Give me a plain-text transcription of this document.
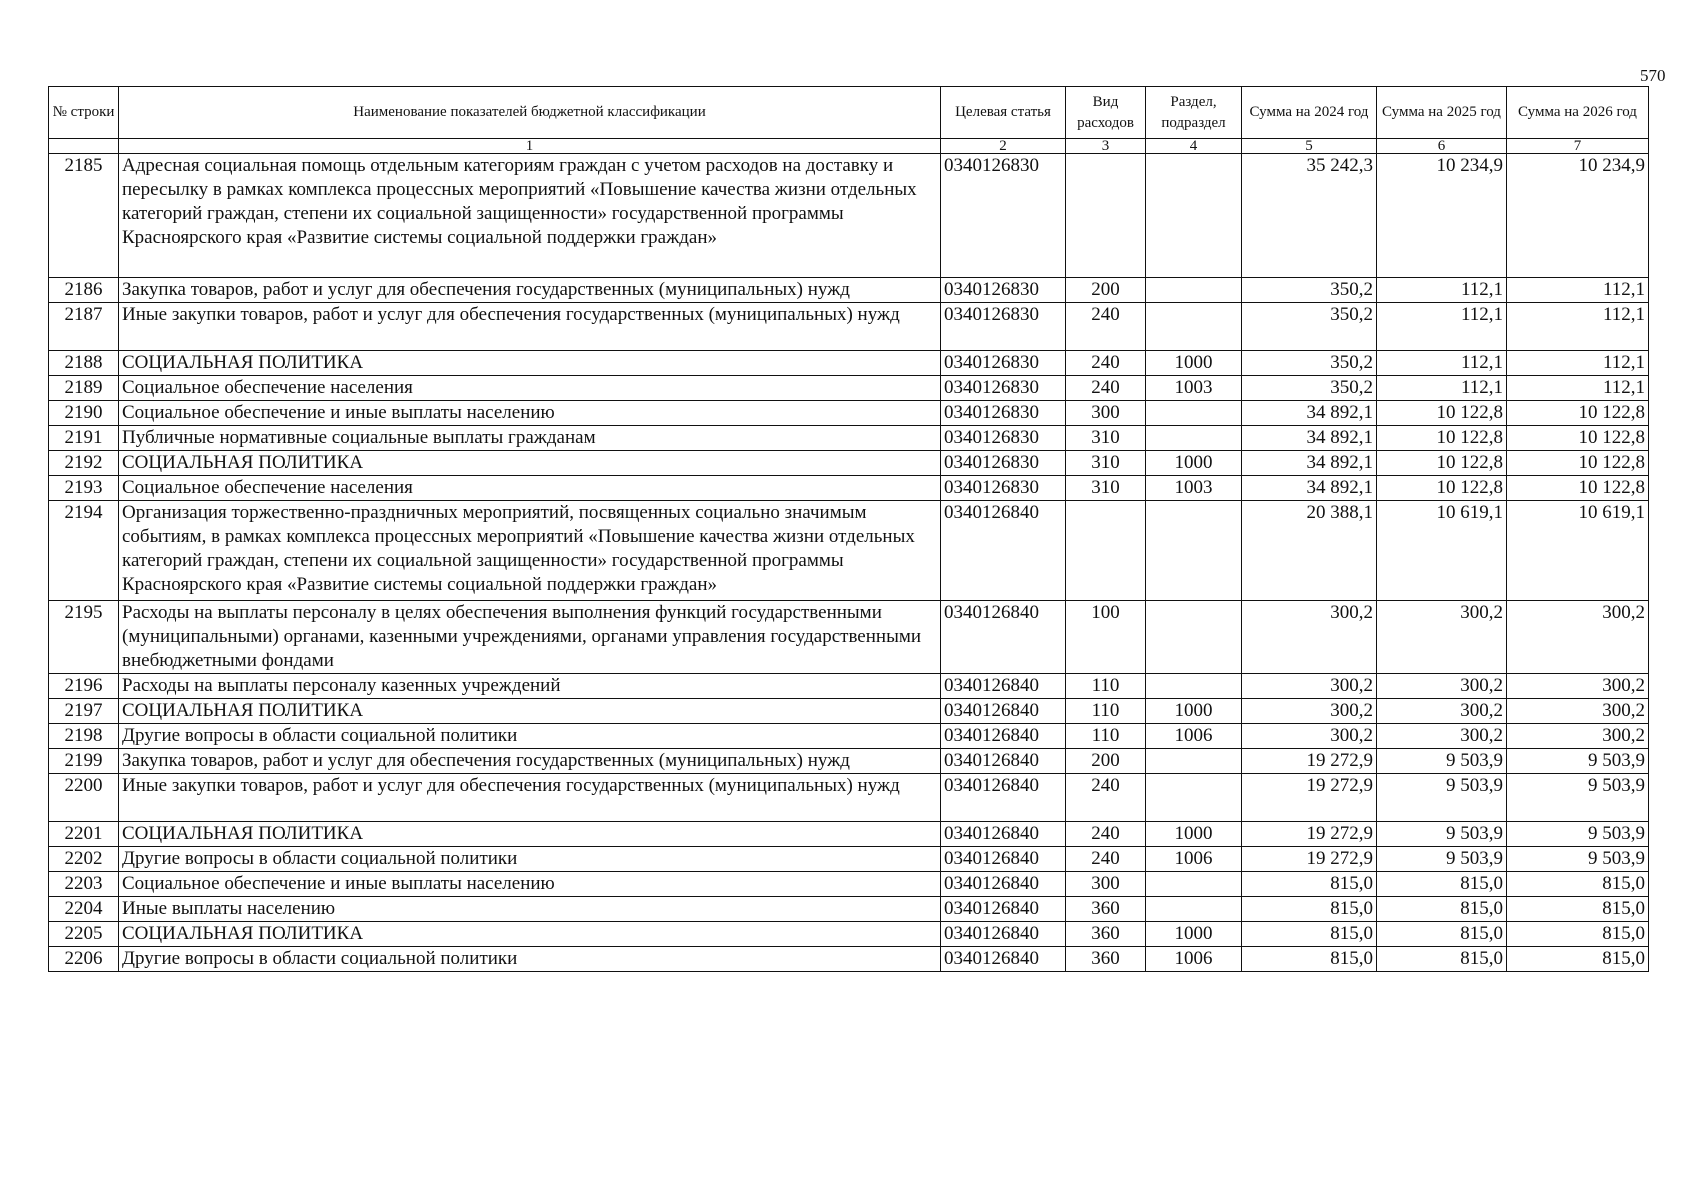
570
№ строки	Наименование показателей бюджетной классификации	Целевая статья	Вид расходов	Раздел, подраздел	Сумма на 2024 год	Сумма на 2025 год	Сумма на 2026 год
	1	2	3	4	5	6	7
2185	Адресная социальная помощь отдельным категориям граждан с учетом расходов на доставку и пересылку в рамках комплекса процессных мероприятий «Повышение качества жизни отдельных категорий граждан, степени их социальной защищенности» государственной программы Красноярского края «Развитие системы социальной поддержки граждан»	0340126830			35 242,3	10 234,9	10 234,9
2186	Закупка товаров, работ и услуг для обеспечения государственных (муниципальных) нужд	0340126830	200		350,2	112,1	112,1
2187	Иные закупки товаров, работ и услуг для обеспечения государственных (муниципальных) нужд	0340126830	240		350,2	112,1	112,1
2188	СОЦИАЛЬНАЯ ПОЛИТИКА	0340126830	240	1000	350,2	112,1	112,1
2189	Социальное обеспечение населения	0340126830	240	1003	350,2	112,1	112,1
2190	Социальное обеспечение и иные выплаты населению	0340126830	300		34 892,1	10 122,8	10 122,8
2191	Публичные нормативные социальные выплаты гражданам	0340126830	310		34 892,1	10 122,8	10 122,8
2192	СОЦИАЛЬНАЯ ПОЛИТИКА	0340126830	310	1000	34 892,1	10 122,8	10 122,8
2193	Социальное обеспечение населения	0340126830	310	1003	34 892,1	10 122,8	10 122,8
2194	Организация торжественно-праздничных мероприятий, посвященных социально значимым событиям, в рамках комплекса процессных мероприятий «Повышение качества жизни отдельных категорий граждан, степени их социальной защищенности» государственной программы Красноярского края «Развитие системы социальной поддержки граждан»	0340126840			20 388,1	10 619,1	10 619,1
2195	Расходы на выплаты персоналу в целях обеспечения выполнения функций государственными (муниципальными) органами, казенными учреждениями, органами управления государственными внебюджетными фондами	0340126840	100		300,2	300,2	300,2
2196	Расходы на выплаты персоналу казенных учреждений	0340126840	110		300,2	300,2	300,2
2197	СОЦИАЛЬНАЯ ПОЛИТИКА	0340126840	110	1000	300,2	300,2	300,2
2198	Другие вопросы в области социальной политики	0340126840	110	1006	300,2	300,2	300,2
2199	Закупка товаров, работ и услуг для обеспечения государственных (муниципальных) нужд	0340126840	200		19 272,9	9 503,9	9 503,9
2200	Иные закупки товаров, работ и услуг для обеспечения государственных (муниципальных) нужд	0340126840	240		19 272,9	9 503,9	9 503,9
2201	СОЦИАЛЬНАЯ ПОЛИТИКА	0340126840	240	1000	19 272,9	9 503,9	9 503,9
2202	Другие вопросы в области социальной политики	0340126840	240	1006	19 272,9	9 503,9	9 503,9
2203	Социальное обеспечение и иные выплаты населению	0340126840	300		815,0	815,0	815,0
2204	Иные выплаты населению	0340126840	360		815,0	815,0	815,0
2205	СОЦИАЛЬНАЯ ПОЛИТИКА	0340126840	360	1000	815,0	815,0	815,0
2206	Другие вопросы в области социальной политики	0340126840	360	1006	815,0	815,0	815,0
